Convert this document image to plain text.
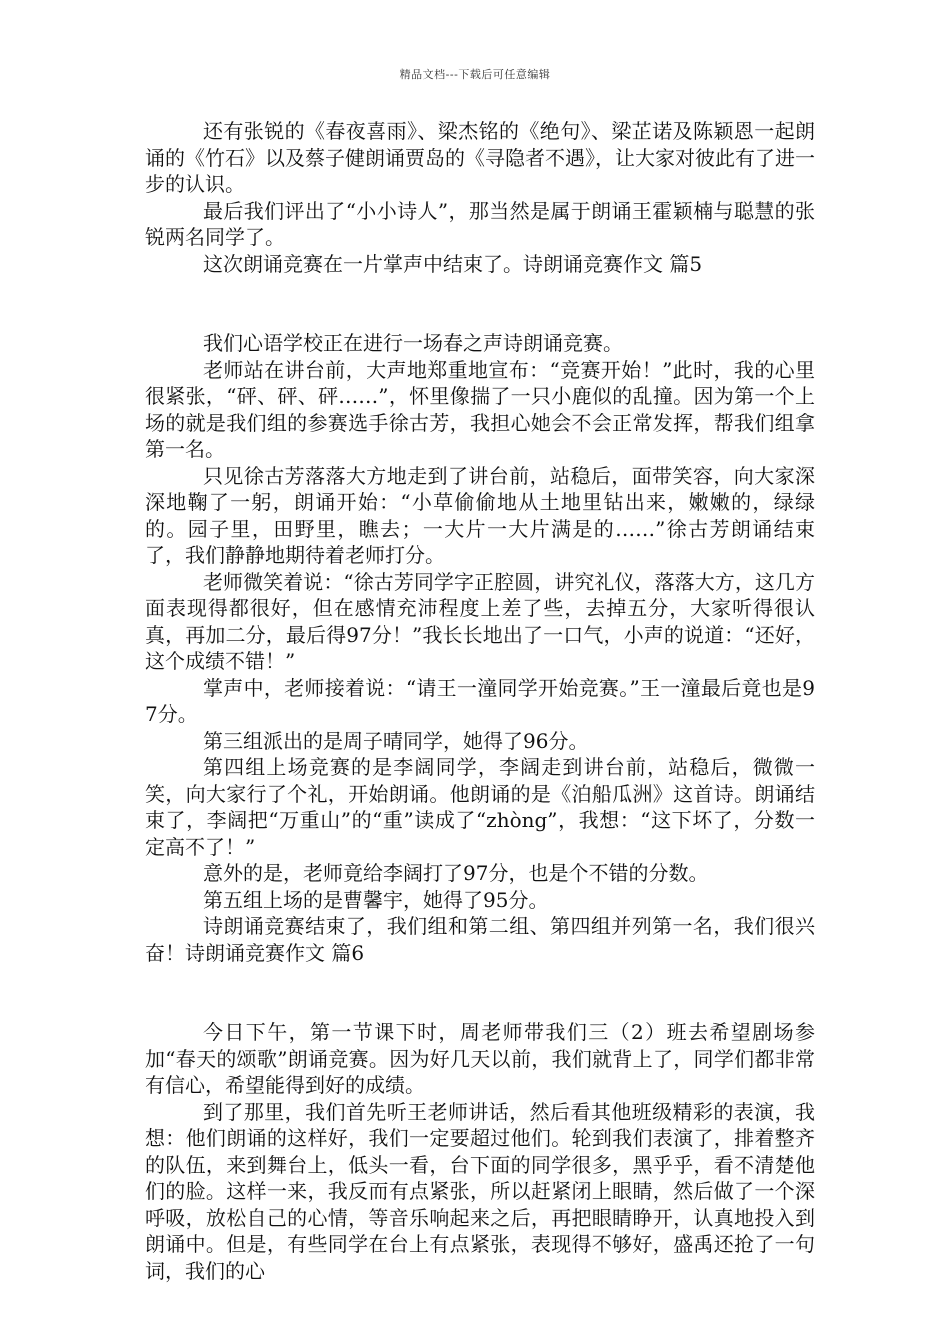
精品文档---下载后可任意编辑

还有张锐的《春夜喜雨》、梁杰铭的《绝句》、梁芷诺及陈颖恩一起朗诵的《竹石》以及蔡子健朗诵贾岛的《寻隐者不遇》，让大家对彼此有了进一步的认识。

最后我们评出了“小小诗人”，那当然是属于朗诵王霍颖楠与聪慧的张锐两名同学了。

这次朗诵竞赛在一片掌声中结束了。诗朗诵竞赛作文 篇5

我们心语学校正在进行一场春之声诗朗诵竞赛。

老师站在讲台前，大声地郑重地宣布：“竞赛开始！”此时，我的心里很紧张，“砰、砰、砰……”，怀里像揣了一只小鹿似的乱撞。因为第一个上场的就是我们组的参赛选手徐古芳，我担心她会不会正常发挥，帮我们组拿第一名。

只见徐古芳落落大方地走到了讲台前，站稳后，面带笑容，向大家深深地鞠了一躬，朗诵开始：“小草偷偷地从土地里钻出来，嫩嫩的，绿绿的。园子里，田野里，瞧去；一大片一大片满是的……”徐古芳朗诵结束了，我们静静地期待着老师打分。

老师微笑着说：“徐古芳同学字正腔圆，讲究礼仪，落落大方，这几方面表现得都很好，但在感情充沛程度上差了些，去掉五分，大家听得很认真，再加二分，最后得97分！”我长长地出了一口气，小声的说道：“还好，这个成绩不错！”

掌声中，老师接着说：“请王一潼同学开始竞赛。”王一潼最后竟也是97分。

第三组派出的是周子晴同学，她得了96分。

第四组上场竞赛的是李阔同学，李阔走到讲台前，站稳后，微微一笑，向大家行了个礼，开始朗诵。他朗诵的是《泊船瓜洲》这首诗。朗诵结束了，李阔把“万重山”的“重”读成了“zhòng”，我想：“这下坏了，分数一定高不了！”

意外的是，老师竟给李阔打了97分，也是个不错的分数。

第五组上场的是曹馨宇，她得了95分。

诗朗诵竞赛结束了，我们组和第二组、第四组并列第一名，我们很兴奋！诗朗诵竞赛作文 篇6

今日下午，第一节课下时，周老师带我们三（2）班去希望剧场参加“春天的颂歌”朗诵竞赛。因为好几天以前，我们就背上了，同学们都非常有信心，希望能得到好的成绩。

到了那里，我们首先听王老师讲话，然后看其他班级精彩的表演，我想：他们朗诵的这样好，我们一定要超过他们。轮到我们表演了，排着整齐的队伍，来到舞台上，低头一看，台下面的同学很多，黑乎乎，看不清楚他们的脸。这样一来，我反而有点紧张，所以赶紧闭上眼睛，然后做了一个深呼吸，放松自己的心情，等音乐响起来之后，再把眼睛睁开，认真地投入到朗诵中。但是，有些同学在台上有点紧张，表现得不够好，盛禹还抢了一句词，我们的心
